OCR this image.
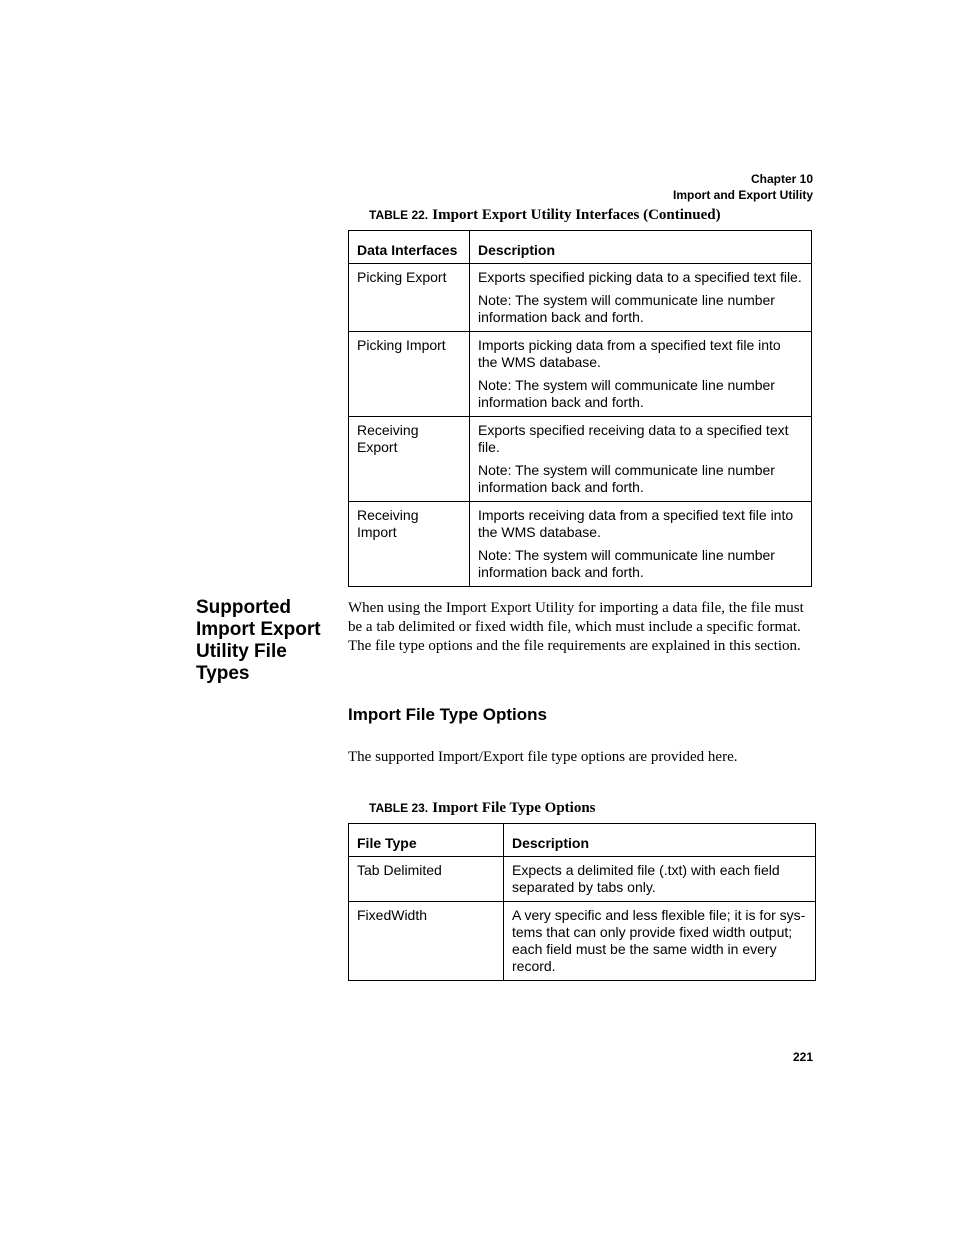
Chapter 10
Import and Export Utility
TABLE 22. Import Export Utility Interfaces (Continued)
Data Interfaces	Description
Picking Export	Exports specified picking data to a specified text file.

Note: The system will communicate line number information back and forth.

Picking Import	Imports picking data from a specified text file into the WMS database.

Note: The system will communicate line number information back and forth.

Receiving Export	Exports specified receiving data to a specified text file.

Note: The system will communicate line number information back and forth.

Receiving Import	Imports receiving data from a specified text file into the WMS database.

Note: The system will communicate line number information back and forth.

Supported Import Export Utility File Types
When using the Import Export Utility for importing a data file, the file must be a tab delimited or fixed width file, which must include a specific format. The file type options and the file requirements are explained in this section.
Import File Type Options
The supported Import/Export file type options are provided here.
TABLE 23. Import File Type Options
File Type	Description
Tab Delimited	Expects a delimited file (.txt) with each field separated by tabs only.
FixedWidth	A very specific and less flexible file; it is for sys-tems that can only provide fixed width output; each field must be the same width in every record.
221
